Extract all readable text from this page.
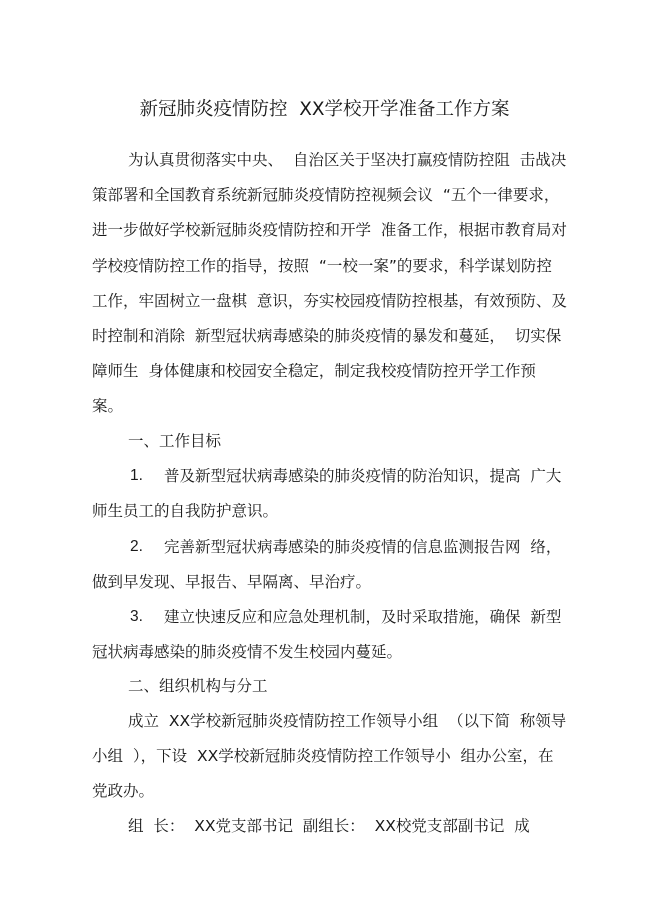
新冠肺炎疫情防控  XX学校开学准备工作方案
为认真贯彻落实中央、  自治区关于坚决打赢疫情防控阻  击战决
策部署和全国教育系统新冠肺炎疫情防控视频会议  “五个一律要求，
进一步做好学校新冠肺炎疫情防控和开学  准备工作，根据市教育局对
学校疫情防控工作的指导，按照  “一校一案”的要求，科学谋划防控
工作，牢固树立一盘棋  意识，夯实校园疫情防控根基，有效预防、及
时控制和消除  新型冠状病毒感染的肺炎疫情的暴发和蔓延，  切实保
障师生  身体健康和校园安全稳定，制定我校疫情防控开学工作预
案。
一、工作目标
1. 普及新型冠状病毒感染的肺炎疫情的防治知识，提高  广大
师生员工的自我防护意识。
2. 完善新型冠状病毒感染的肺炎疫情的信息监测报告网  络，
做到早发现、早报告、早隔离、早治疗。
3. 建立快速反应和应急处理机制，及时采取措施，确保  新型
冠状病毒感染的肺炎疫情不发生校园内蔓延。
二、组织机构与分工
成立  XX学校新冠肺炎疫情防控工作领导小组  （以下简  称领导
小组  ），下设  XX学校新冠肺炎疫情防控工作领导小  组办公室，在
党政办。
组  长：  XX党支部书记  副组长：  XX校党支部副书记  成
